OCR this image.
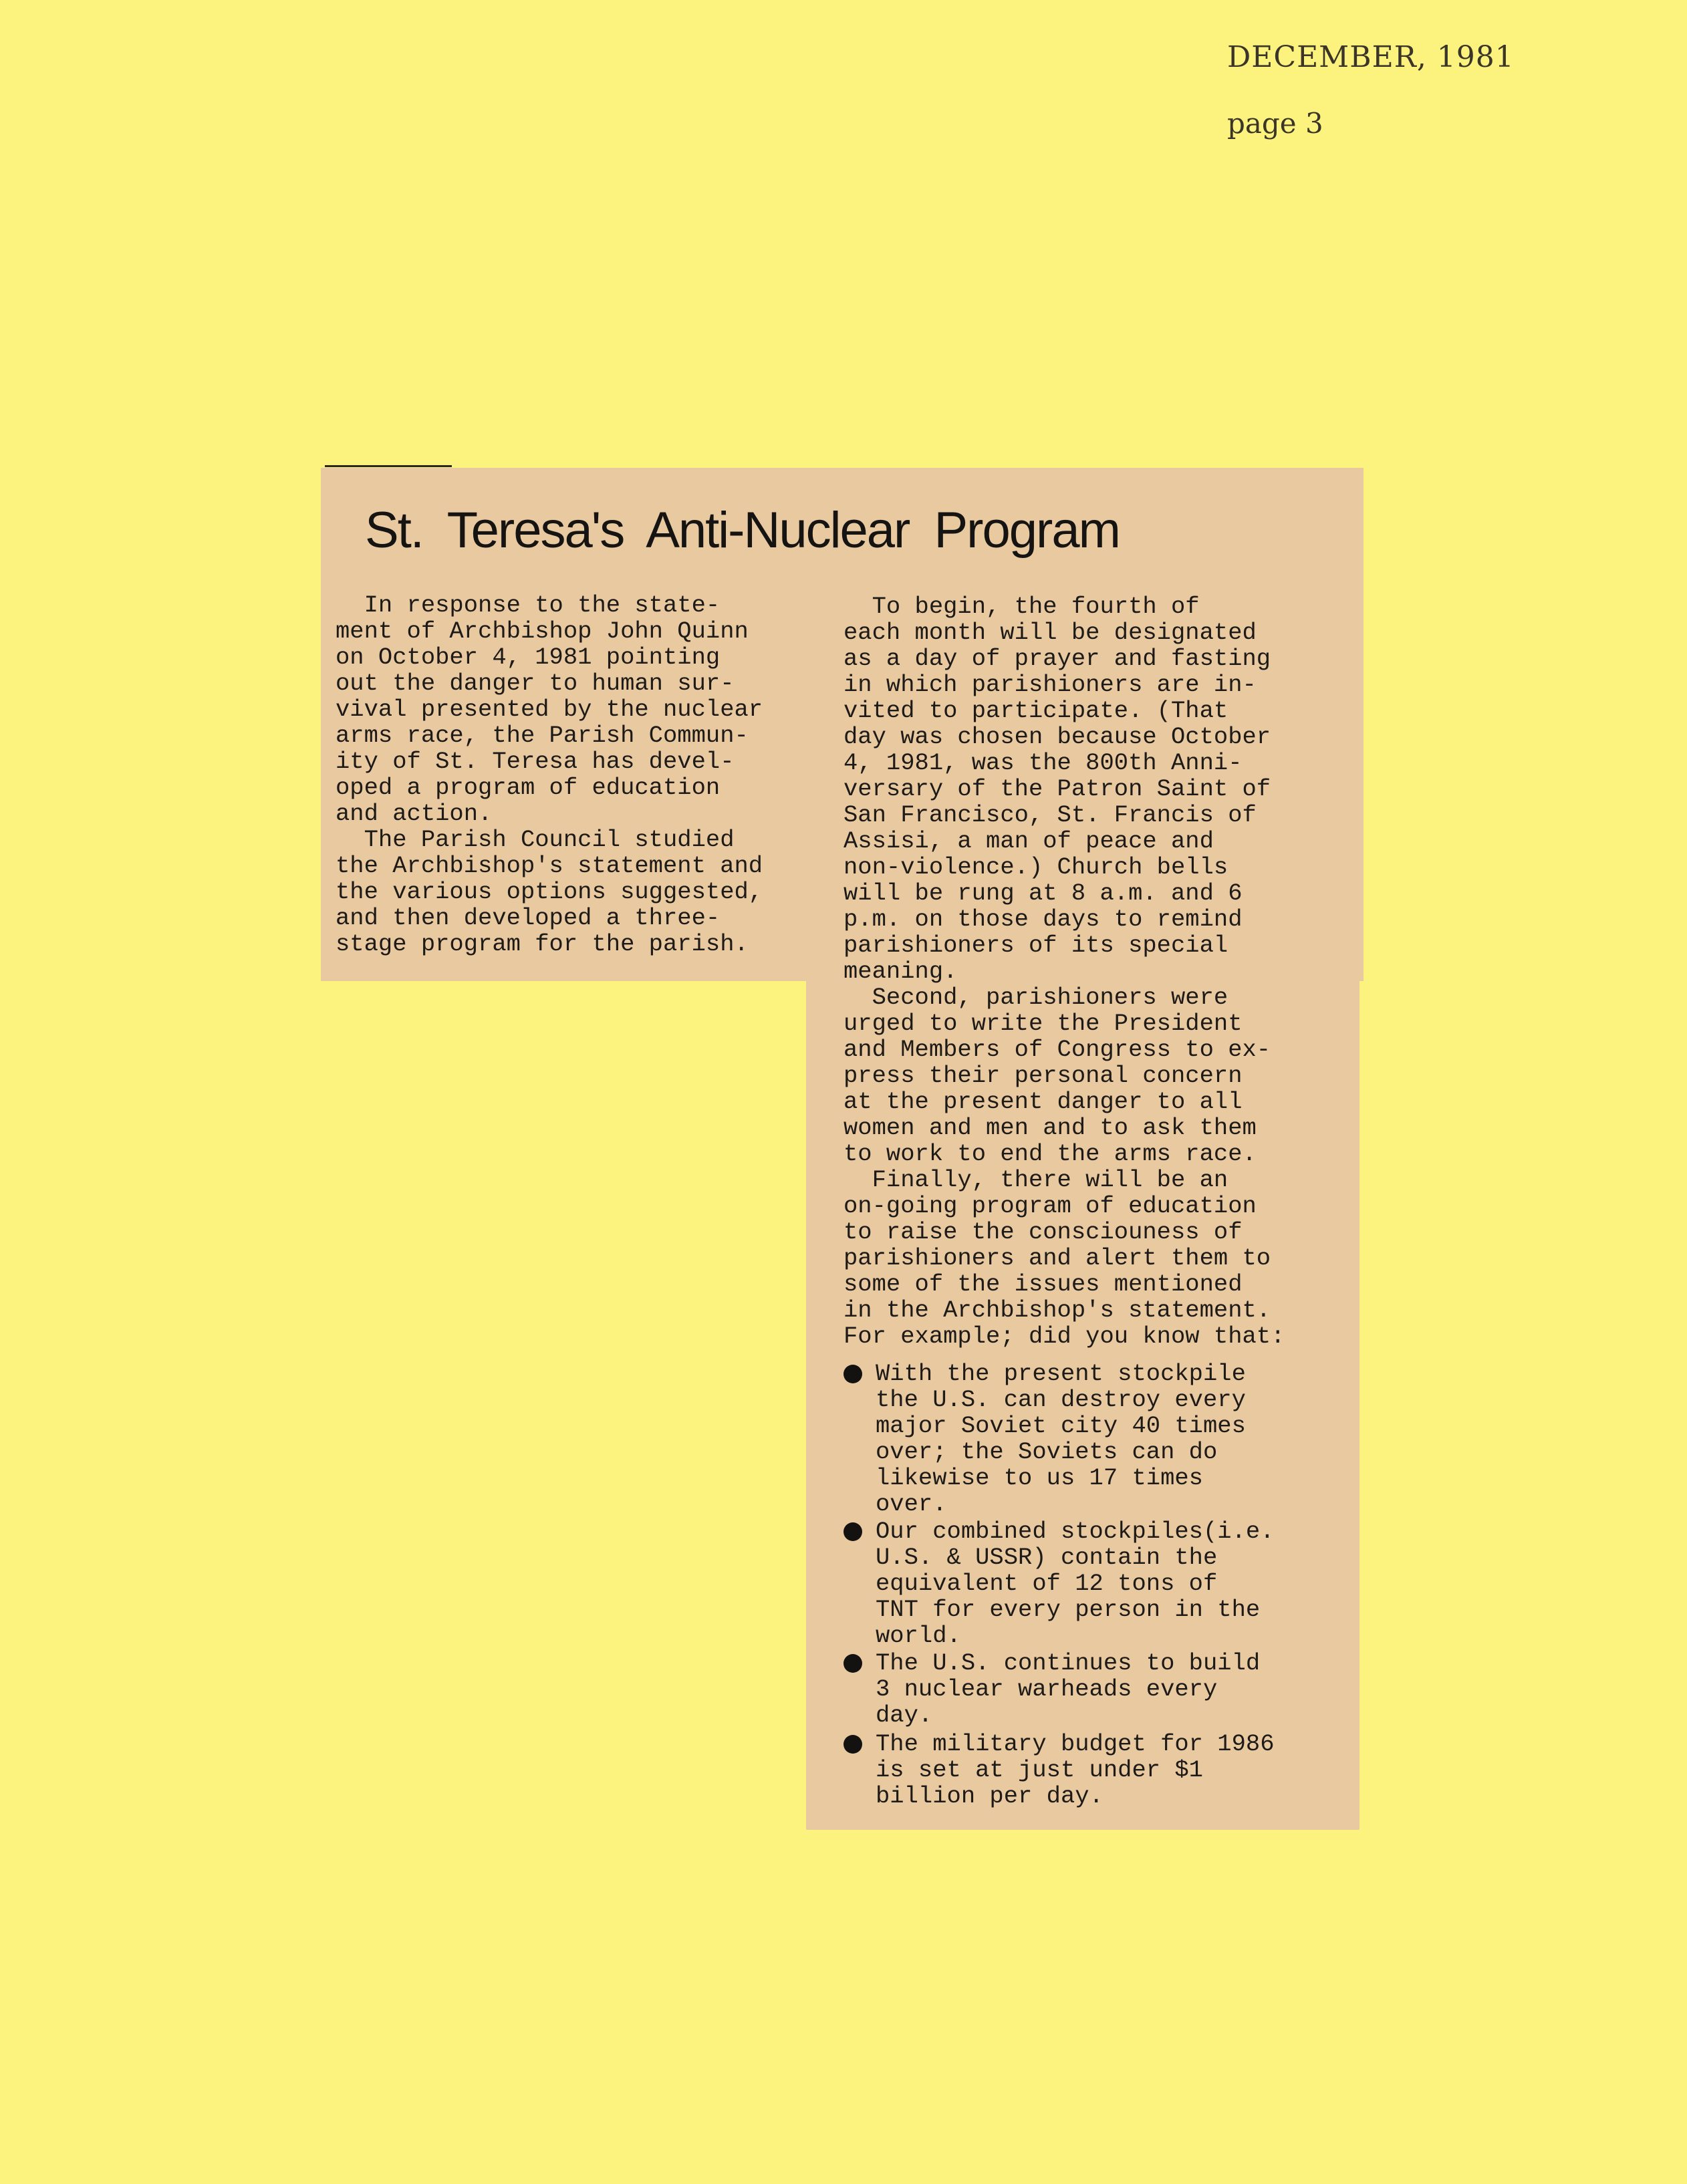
DECEMBER, 1981

page 3

St. Teresa's Anti-Nuclear Program

In response to the state-
ment of Archbishop John Quinn
on October 4, 1981 pointing
out the danger to human sur-
vival presented by the nuclear
arms race, the Parish Commun-
ity of St. Teresa has devel-
oped a program of education
and action.
The Parish Council studied
the Archbishop's statement and
the various options suggested,
and then developed a three-
stage program for the parish.

To begin, the fourth of
each month will be designated
as a day of prayer and fasting
in which parishioners are in-
vited to participate. (That
day was chosen because October
4, 1981, was the 800th Anni-
versary of the Patron Saint of
San Francisco, St. Francis of
Assisi, a man of peace and
non-violence.) Church bells
will be rung at 8 a.m. and 6
p.m. on those days to remind
parishioners of its special
meaning.
Second, parishioners were
urged to write the President
and Members of Congress to ex-
press their personal concern
at the present danger to all
women and men and to ask them
to work to end the arms race.
Finally, there will be an
on-going program of education
to raise the consciouness of
parishioners and alert them to
some of the issues mentioned
in the Archbishop's statement.
For example; did you know that:

With the present stockpile
the U.S. can destroy every
major Soviet city 40 times
over; the Soviets can do
likewise to us 17 times
over.
Our combined stockpiles(i.e.
U.S. & USSR) contain the
equivalent of 12 tons of
TNT for every person in the
world.
The U.S. continues to build
3 nuclear warheads every
day.
The military budget for 1986
is set at just under $1
billion per day.
